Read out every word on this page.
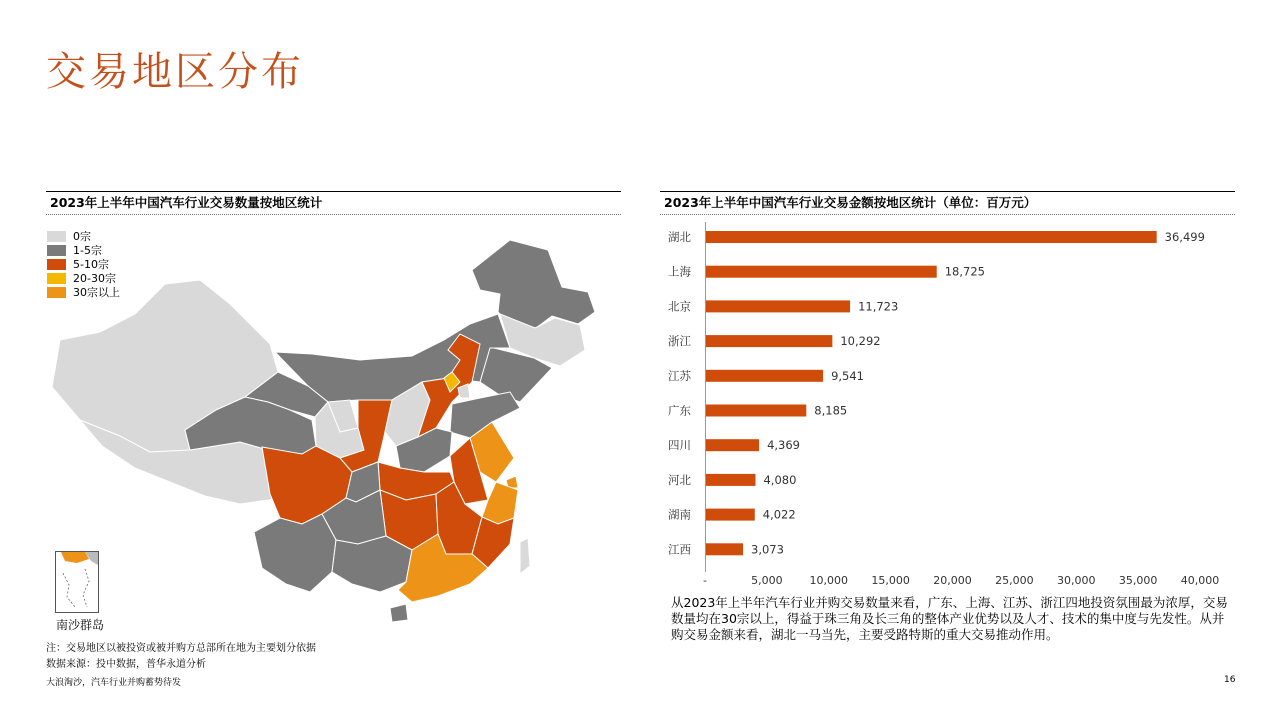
交易地区分布
2023年上半年中国汽车行业交易数量按地区统计
0宗
1-5宗
5-10宗
20-30宗
30宗以上
南沙群岛
注：交易地区以被投资或被并购方总部所在地为主要划分依据
数据来源：投中数据，普华永道分析
大浪淘沙，汽车行业并购蓄势待发	16
2023年上半年中国汽车行业交易金额按地区统计（单位：百万元）
湖北	36,499
上海	18,725
北京	11,723
浙江	10,292
江苏	9,541
广东	8,185
四川	4,369
河北	4,080
湖南	4,022
江西	3,073
-	5,000 10,000 15,000 20,000 25,000 30,000 35,000 40,000
从2023年上半年汽车行业并购交易数量来看，广东、上海、江苏、浙江四地投资氛围最为浓厚，交易数量均在30宗以上，得益于珠三角及长三角的整体产业优势以及人才、技术的集中度与先发性。从并购交易金额来看，湖北一马当先，主要受路特斯的重大交易推动作用。
